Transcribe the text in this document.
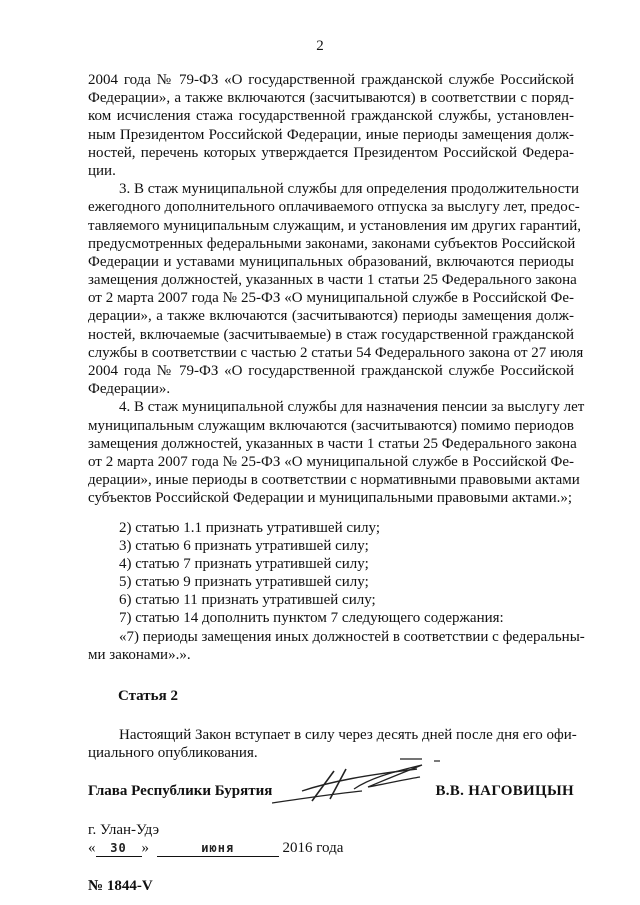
2
2004 года № 79-ФЗ «О государственной гражданской службе Российской
Федерации», а также включаются (засчитываются) в соответствии с поряд-
ком исчисления стажа государственной гражданской службы, установлен-
ным Президентом Российской Федерации, иные периоды замещения долж-
ностей, перечень которых утверждается Президентом Российской Федера-
ции.
3. В стаж муниципальной службы для определения продолжительности
ежегодного дополнительного оплачиваемого отпуска за выслугу лет, предос-
тавляемого муниципальным служащим, и установления им других гарантий,
предусмотренных федеральными законами, законами субъектов Российской
Федерации и уставами муниципальных образований, включаются периоды
замещения должностей, указанных в части 1 статьи 25 Федерального закона
от 2 марта 2007 года № 25-ФЗ «О муниципальной службе в Российской Фе-
дерации», а также включаются (засчитываются) периоды замещения долж-
ностей, включаемые (засчитываемые) в стаж государственной гражданской
службы в соответствии с частью 2 статьи 54 Федерального закона от 27 июля
2004 года № 79-ФЗ «О государственной гражданской службе Российской
Федерации».
4. В стаж муниципальной службы для назначения пенсии за выслугу лет
муниципальным служащим включаются (засчитываются) помимо периодов
замещения должностей, указанных в части 1 статьи 25 Федерального закона
от 2 марта 2007 года № 25-ФЗ «О муниципальной службе в Российской Фе-
дерации», иные периоды в соответствии с нормативными правовыми актами
субъектов Российской Федерации и муниципальными правовыми актами.»;
2) статью 1.1 признать утратившей силу;
3) статью 6 признать утратившей силу;
4) статью 7 признать утратившей силу;
5) статью 9 признать утратившей силу;
6) статью 11 признать утратившей силу;
7) статью 14 дополнить пунктом 7 следующего содержания:
«7) периоды замещения иных должностей в соответствии с федеральны-
ми законами».».
Статья 2
Настоящий Закон вступает в силу через десять дней после дня его офи-
циального опубликования.
Глава Республики Бурятия	В.В. НАГОВИЦЫН
г. Улан-Удэ
« 30 »	июня	2016 года
№ 1844-V
